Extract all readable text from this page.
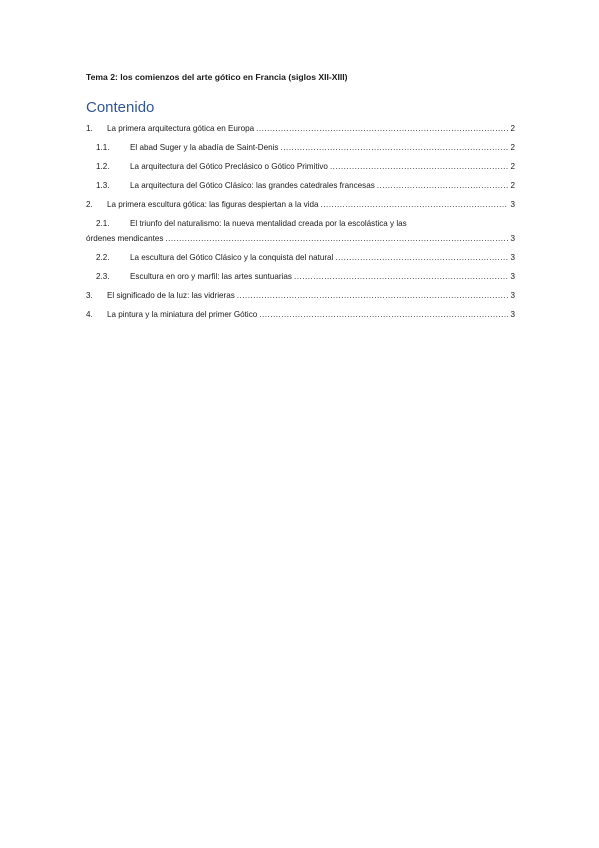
Tema 2: los comienzos del arte gótico en Francia (siglos XII-XIII)
Contenido
1.	La primera arquitectura gótica en Europa .....	2
1.1.	El abad Suger y la abadía de Saint-Denis .....	2
1.2.	La arquitectura del Gótico Preclásico o Gótico Primitivo .....	2
1.3.	La arquitectura del Gótico Clásico: las grandes catedrales francesas .....	2
2.	La primera escultura gótica: las figuras despiertan a la vida .....	3
2.1.	El triunfo del naturalismo: la nueva mentalidad creada por la escolástica y las
órdenes mendicantes .....	3
2.2.	La escultura del Gótico Clásico y la conquista del natural .....	3
2.3.	Escultura en oro y marfil: las artes suntuarias .....	3
3.	El significado de la luz: las vidrieras .....	3
4.	La pintura y la miniatura del primer Gótico .....	3
